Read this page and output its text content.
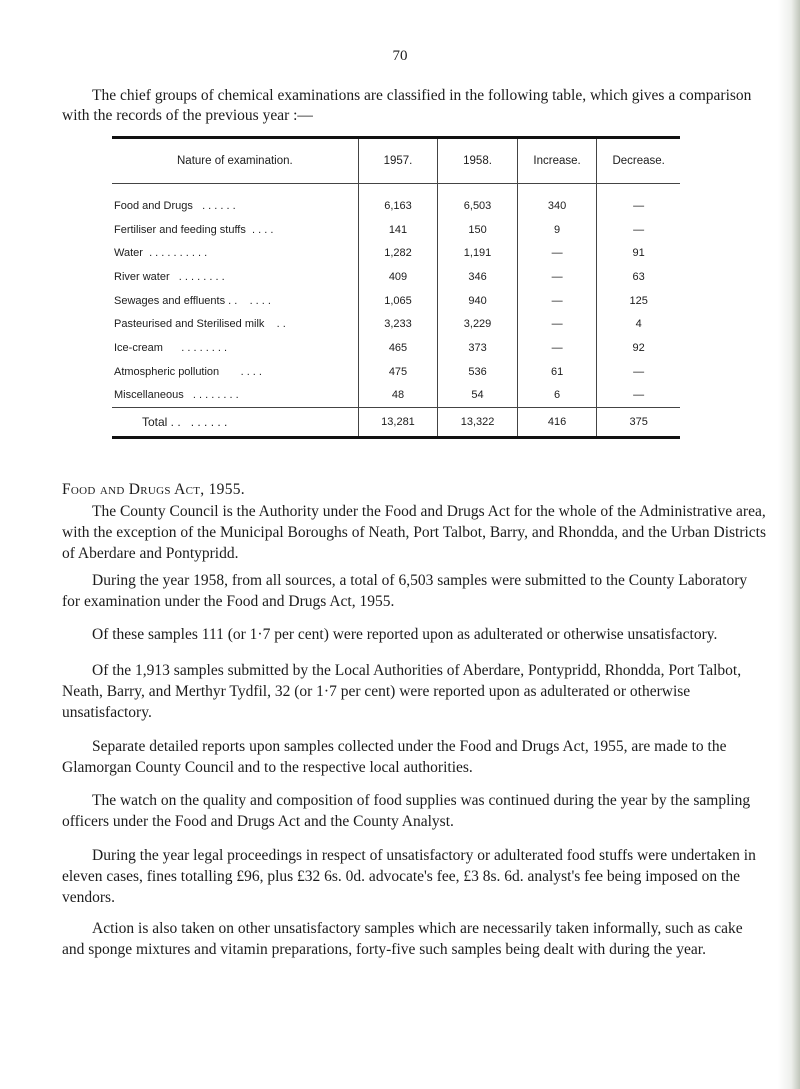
70

The chief groups of chemical examinations are classified in the following table, which gives a comparison with the records of the previous year :—

Nature of examination.	1957.	1958.	Increase.	Decrease.
Food and Drugs . . . . . .	6,163	6,503	340	—
Fertiliser and feeding stuffs . . . .	141	150	9	—
Water . . . . . . . . . .	1,282	1,191	—	91
River water . . . . . . . .	409	346	—	63
Sewages and effluents . . . . . .	1,065	940	—	125
Pasteurised and Sterilised milk . .	3,233	3,229	—	4
Ice-cream . . . . . . . .	465	373	—	92
Atmospheric pollution . . . .	475	536	61	—
Miscellaneous . . . . . . . .	48	54	6	—
Total . . . . . . . .	13,281	13,322	416	375
Food and Drugs Act, 1955.

The County Council is the Authority under the Food and Drugs Act for the whole of the Administrative area, with the exception of the Municipal Boroughs of Neath, Port Talbot, Barry, and Rhondda, and the Urban Districts of Aberdare and Pontypridd.

During the year 1958, from all sources, a total of 6,503 samples were submitted to the County Laboratory for examination under the Food and Drugs Act, 1955.

Of these samples 111 (or 1·7 per cent) were reported upon as adulterated or otherwise unsatisfactory.

Of the 1,913 samples submitted by the Local Authorities of Aberdare, Pontypridd, Rhondda, Port Talbot, Neath, Barry, and Merthyr Tydfil, 32 (or 1·7 per cent) were reported upon as adulterated or otherwise unsatisfactory.

Separate detailed reports upon samples collected under the Food and Drugs Act, 1955, are made to the Glamorgan County Council and to the respective local authorities.

The watch on the quality and composition of food supplies was continued during the year by the sampling officers under the Food and Drugs Act and the County Analyst.

During the year legal proceedings in respect of unsatisfactory or adulterated food stuffs were undertaken in eleven cases, fines totalling £96, plus £32 6s. 0d. advocate's fee, £3 8s. 6d. analyst's fee being imposed on the vendors.

Action is also taken on other unsatisfactory samples which are necessarily taken informally, such as cake and sponge mixtures and vitamin preparations, forty-five such samples being dealt with during the year.
